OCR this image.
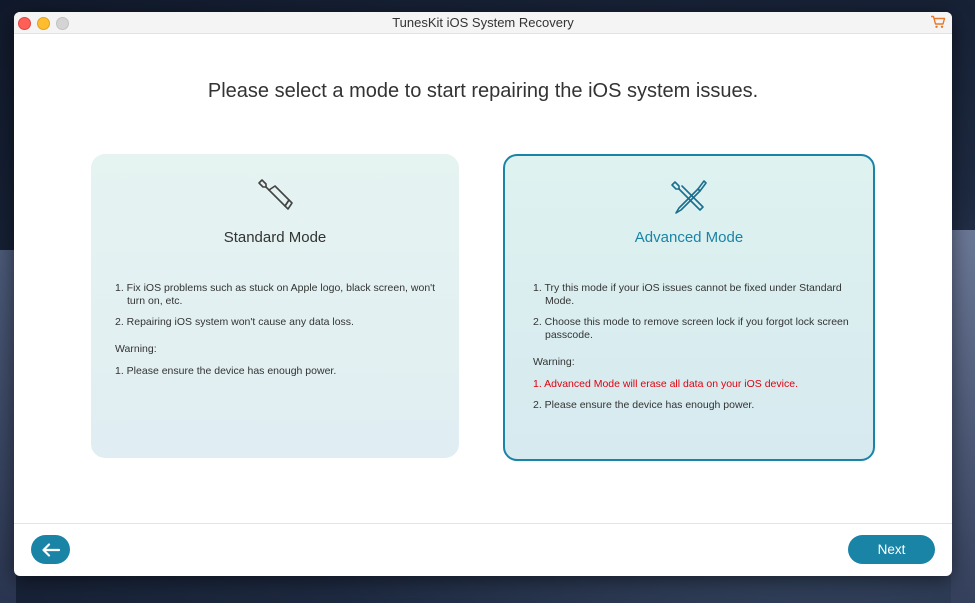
TunesKit iOS System Recovery
Please select a mode to start repairing the iOS system issues.
Standard Mode
1. Fix iOS problems such as stuck on Apple logo, black screen, won't turn on, etc.
2. Repairing iOS system won't cause any data loss.
Warning:
1. Please ensure the device has enough power.
Advanced Mode
1. Try this mode if your iOS issues cannot be fixed under Standard Mode.
2. Choose this mode to remove screen lock if you forgot lock screen passcode.
Warning:
1. Advanced Mode will erase all data on your iOS device.
2. Please ensure the device has enough power.
Next
